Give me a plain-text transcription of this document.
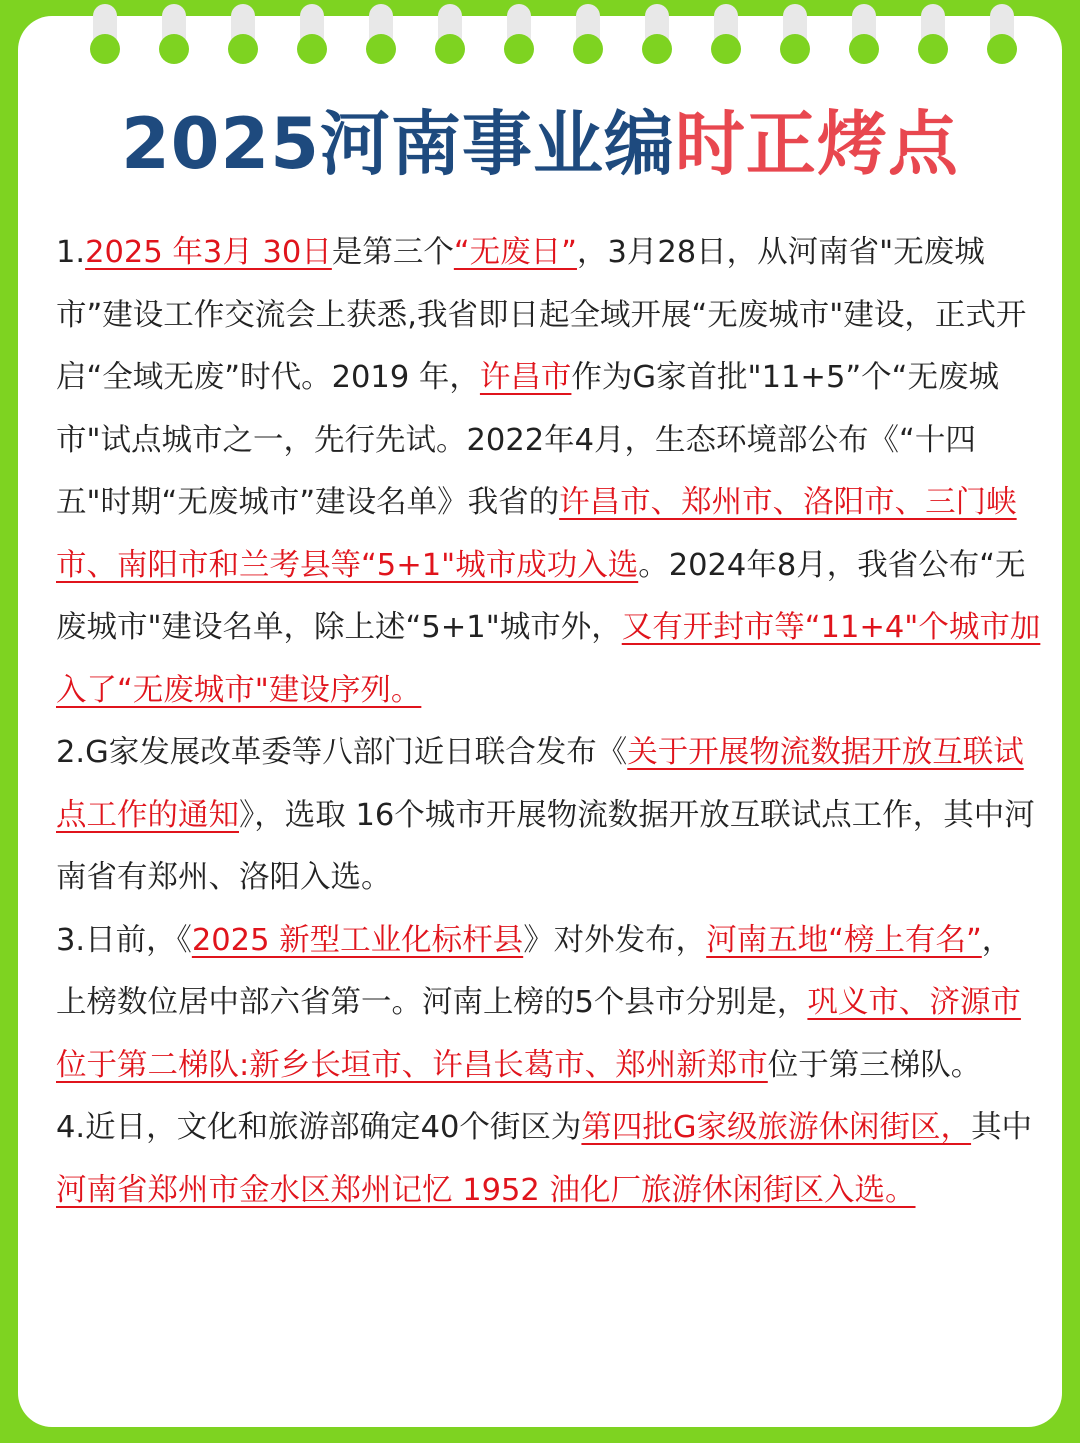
2025河南事业编时正烤点

1.2025 年3月 30日是第三个“无废日”，3月28日，从河南省"无废城市”建设工作交流会上获悉,我省即日起全域开展“无废城市"建设，正式开启“全域无废”时代。2019 年，许昌市作为G家首批"11+5”个“无废城市"试点城市之一，先行先试。2022年4月，生态环境部公布《“十四五"时期“无废城市”建设名单》我省的许昌市、郑州市、洛阳市、三门峡市、南阳市和兰考县等“5+1"城市成功入选。2024年8月，我省公布“无废城市"建设名单，除上述“5+1"城市外，又有开封市等“11+4"个城市加入了“无废城市"建设序列。

2.G家发展改革委等八部门近日联合发布《关于开展物流数据开放互联试点工作的通知》，选取 16个城市开展物流数据开放互联试点工作，其中河南省有郑州、洛阳入选。

3.日前，《2025 新型工业化标杆县》对外发布，河南五地“榜上有名”，上榜数位居中部六省第一。河南上榜的5个县市分别是，巩义市、济源市位于第二梯队:新乡长垣市、许昌长葛市、郑州新郑市位于第三梯队。

4.近日，文化和旅游部确定40个街区为第四批G家级旅游休闲街区，其中河南省郑州市金水区郑州记忆 1952 油化厂旅游休闲街区入选。
